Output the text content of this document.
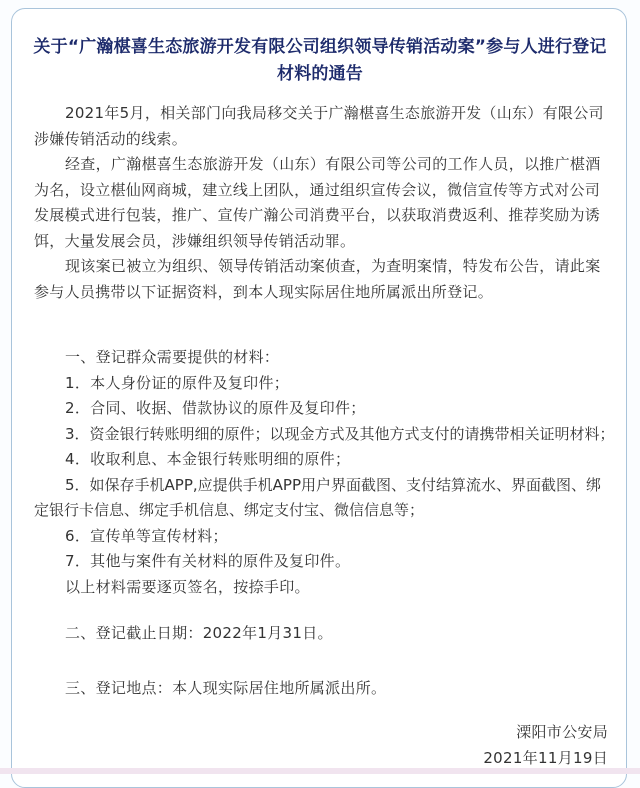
关于“广瀚椹喜生态旅游开发有限公司组织领导传销活动案”参与人进行登记
材料的通告

2021年5月，相关部门向我局移交关于广瀚椹喜生态旅游开发（山东）有限公司涉嫌传销活动的线索。

经查，广瀚椹喜生态旅游开发（山东）有限公司等公司的工作人员，以推广椹酒为名，设立椹仙网商城，建立线上团队，通过组织宣传会议，微信宣传等方式对公司发展模式进行包装，推广、宣传广瀚公司消费平台，以获取消费返利、推荐奖励为诱饵，大量发展会员，涉嫌组织领导传销活动罪。

现该案已被立为组织、领导传销活动案侦查，为查明案情，特发布公告，请此案参与人员携带以下证据资料，到本人现实际居住地所属派出所登记。

一、登记群众需要提供的材料：

1．本人身份证的原件及复印件；

2．合同、收据、借款协议的原件及复印件；

3．资金银行转账明细的原件；以现金方式及其他方式支付的请携带相关证明材料；

4．收取利息、本金银行转账明细的原件；

5．如保存手机APP,应提供手机APP用户界面截图、支付结算流水、界面截图、绑定银行卡信息、绑定手机信息、绑定支付宝、微信信息等；

6．宣传单等宣传材料；

7．其他与案件有关材料的原件及复印件。

以上材料需要逐页签名，按捺手印。

二、登记截止日期：2022年1月31日。

三、登记地点：本人现实际居住地所属派出所。

溧阳市公安局

2021年11月19日
